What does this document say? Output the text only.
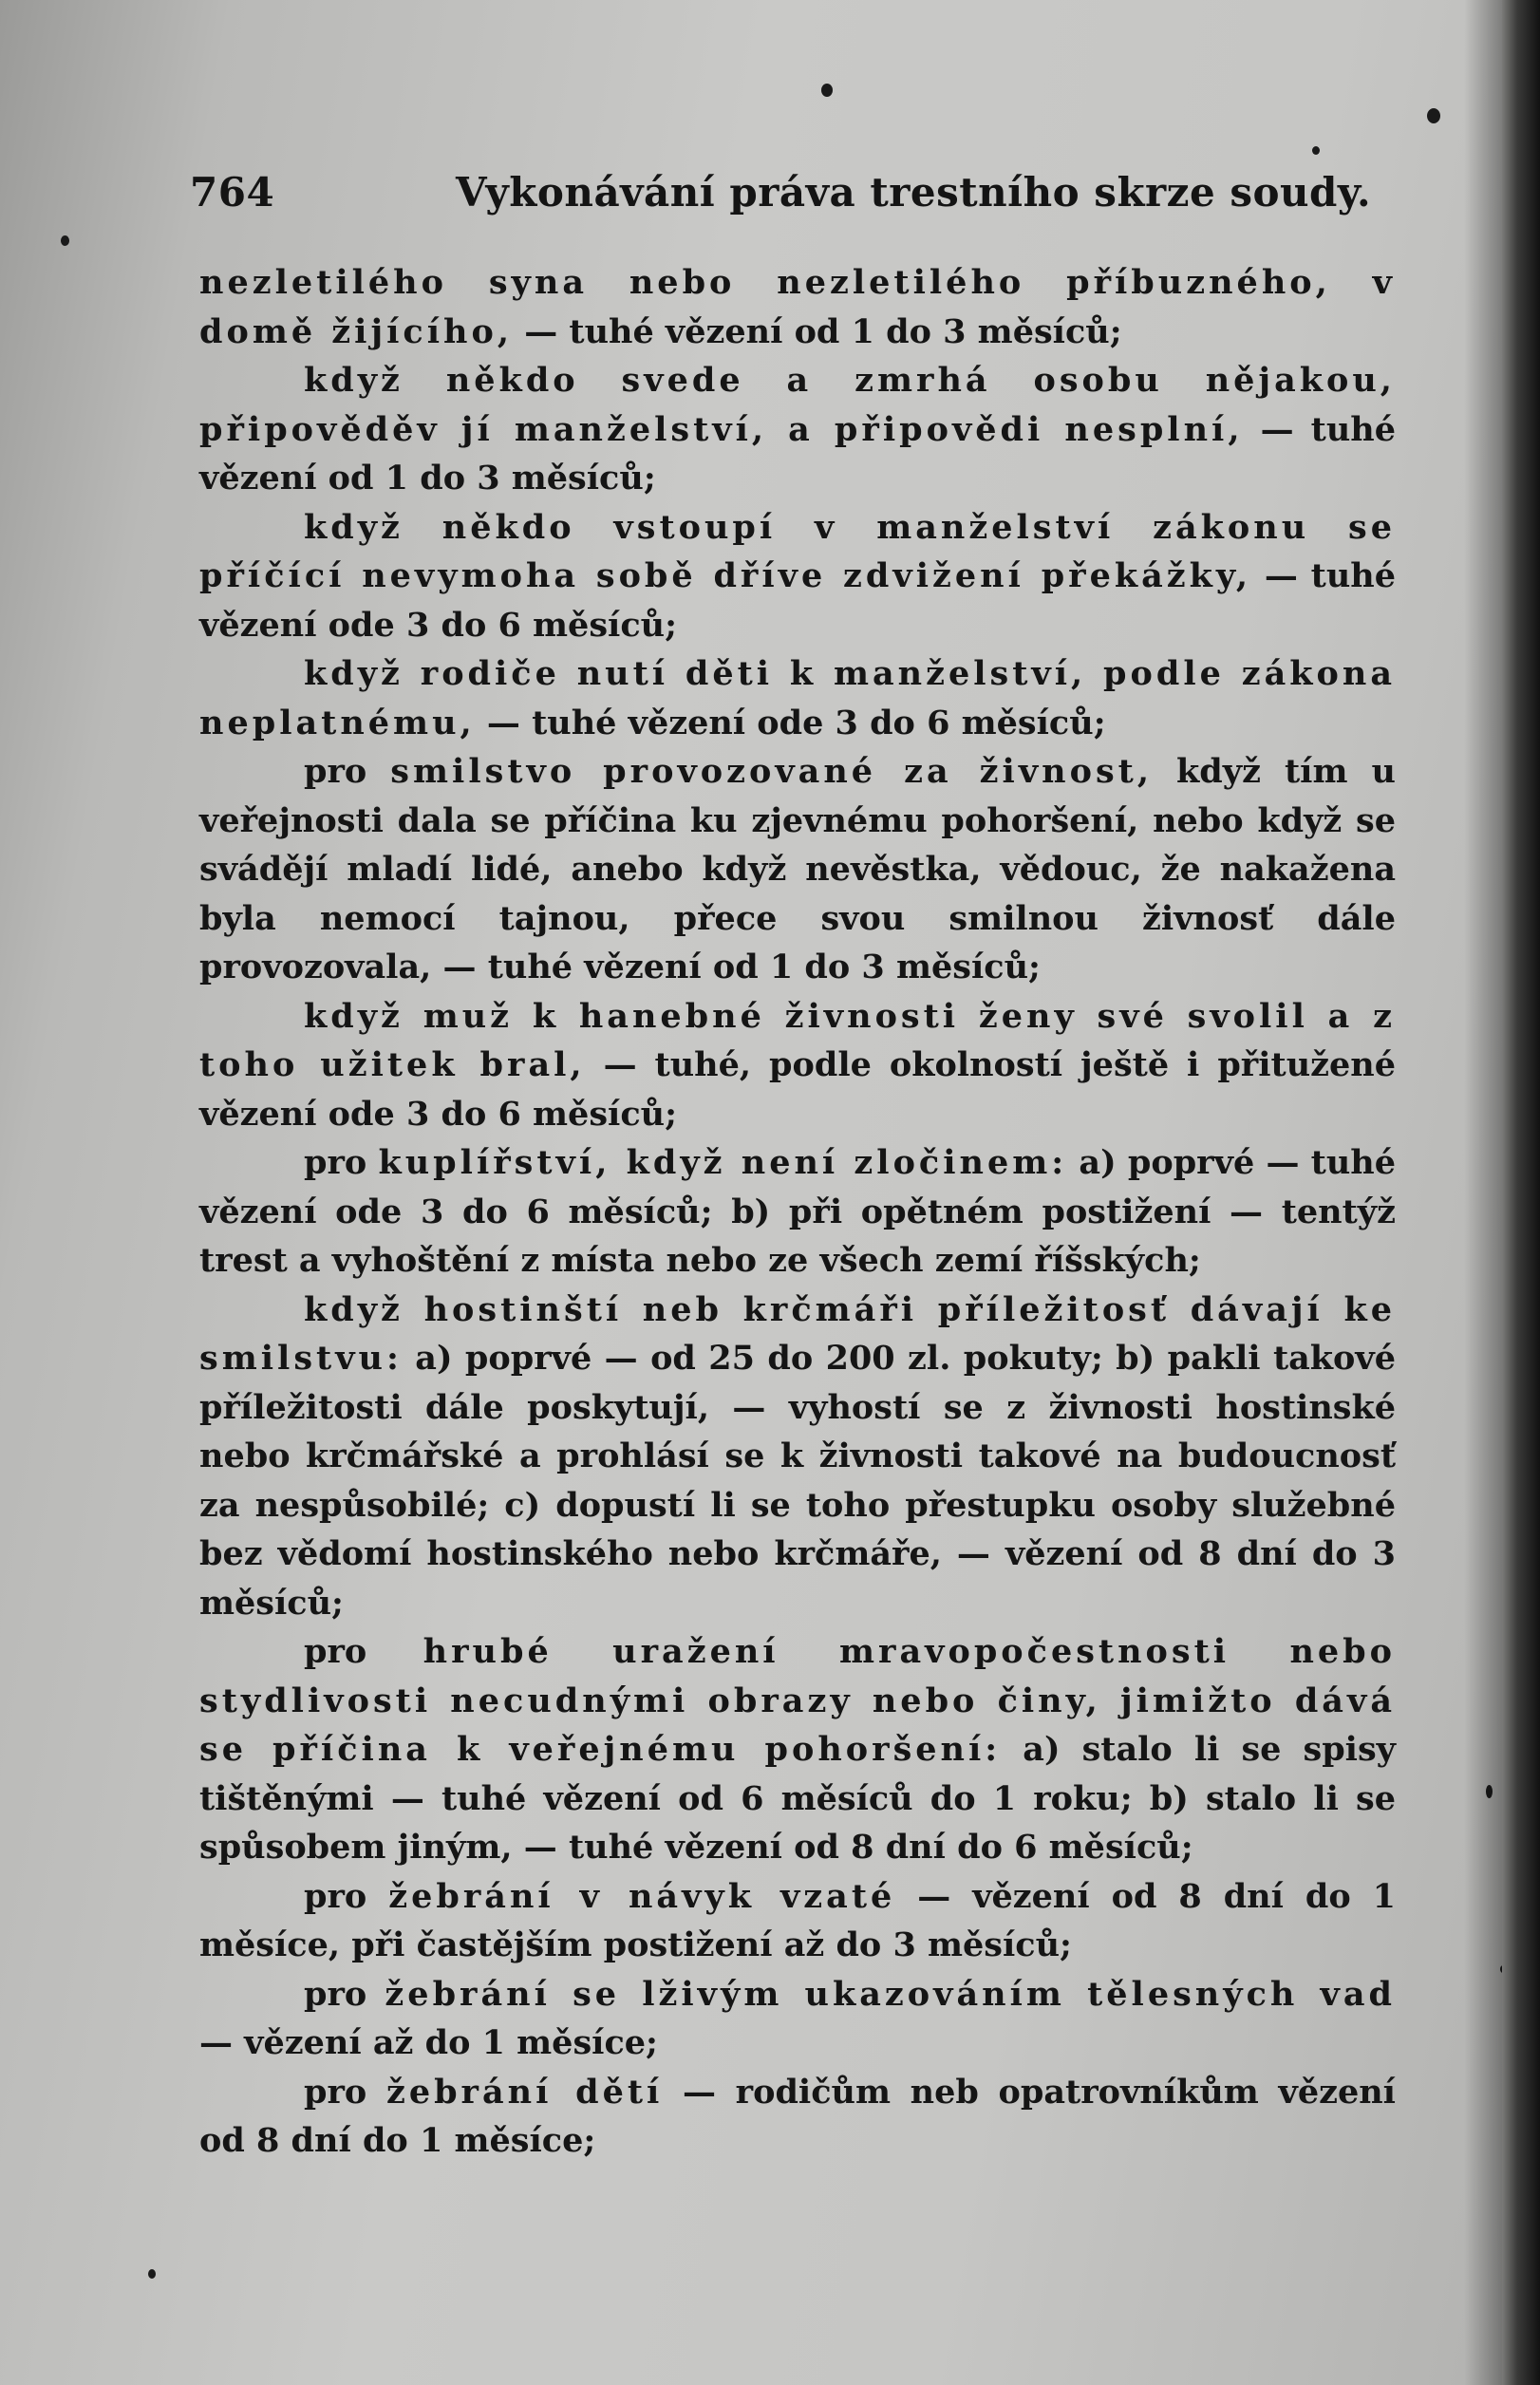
764	Vykonávání práva trestního skrze soudy.

nezletilého syna nebo nezletilého příbuzného, v domě žijícího, — tuhé vězení od 1 do 3 měsíců;

když někdo svede a zmrhá osobu nějakou, připověděv jí manželství, a připovědi nesplní, — tuhé vězení od 1 do 3 měsíců;

když někdo vstoupí v manželství zákonu se příčící nevymoha sobě dříve zdvižení překážky, — tuhé vězení ode 3 do 6 měsíců;

když rodiče nutí děti k manželství, podle zákona neplatnému, — tuhé vězení ode 3 do 6 měsíců;

pro smilstvo provozované za živnost, když tím u veřejnosti dala se příčina ku zjevnému pohoršení, nebo když se svádějí mladí lidé, anebo když nevěstka, vědouc, že nakažena byla nemocí tajnou, přece svou smilnou živnosť dále provozovala, — tuhé vězení od 1 do 3 měsíců;

když muž k hanebné živnosti ženy své svolil a z toho užitek bral, — tuhé, podle okolností ještě i přitužené vězení ode 3 do 6 měsíců;

pro kuplířství, když není zločinem: a) poprvé — tuhé vězení ode 3 do 6 měsíců; b) při opětném postižení — tentýž trest a vyhoštění z místa nebo ze všech zemí říšských;

když hostinští neb krčmáři příležitosť dávají ke smilstvu: a) poprvé — od 25 do 200 zl. pokuty; b) pakli takové příležitosti dále poskytují, — vyhostí se z živnosti hostinské nebo krčmářské a prohlásí se k živnosti takové na budoucnosť za nespůsobilé; c) dopustí li se toho přestupku osoby služebné bez vědomí hostinského nebo krčmáře, — vězení od 8 dní do 3 měsíců;

pro hrubé uražení mravopočestnosti nebo stydlivosti necudnými obrazy nebo činy, jimižto dává se příčina k veřejnému pohoršení: a) stalo li se spisy tištěnými — tuhé vězení od 6 měsíců do 1 roku; b) stalo li se spůsobem jiným, — tuhé vězení od 8 dní do 6 měsíců;

pro žebrání v návyk vzaté — vězení od 8 dní do 1 měsíce, při častějším postižení až do 3 měsíců;

pro žebrání se lživým ukazováním tělesných vad — vězení až do 1 měsíce;

pro žebrání dětí — rodičům neb opatrovníkům vězení od 8 dní do 1 měsíce;
